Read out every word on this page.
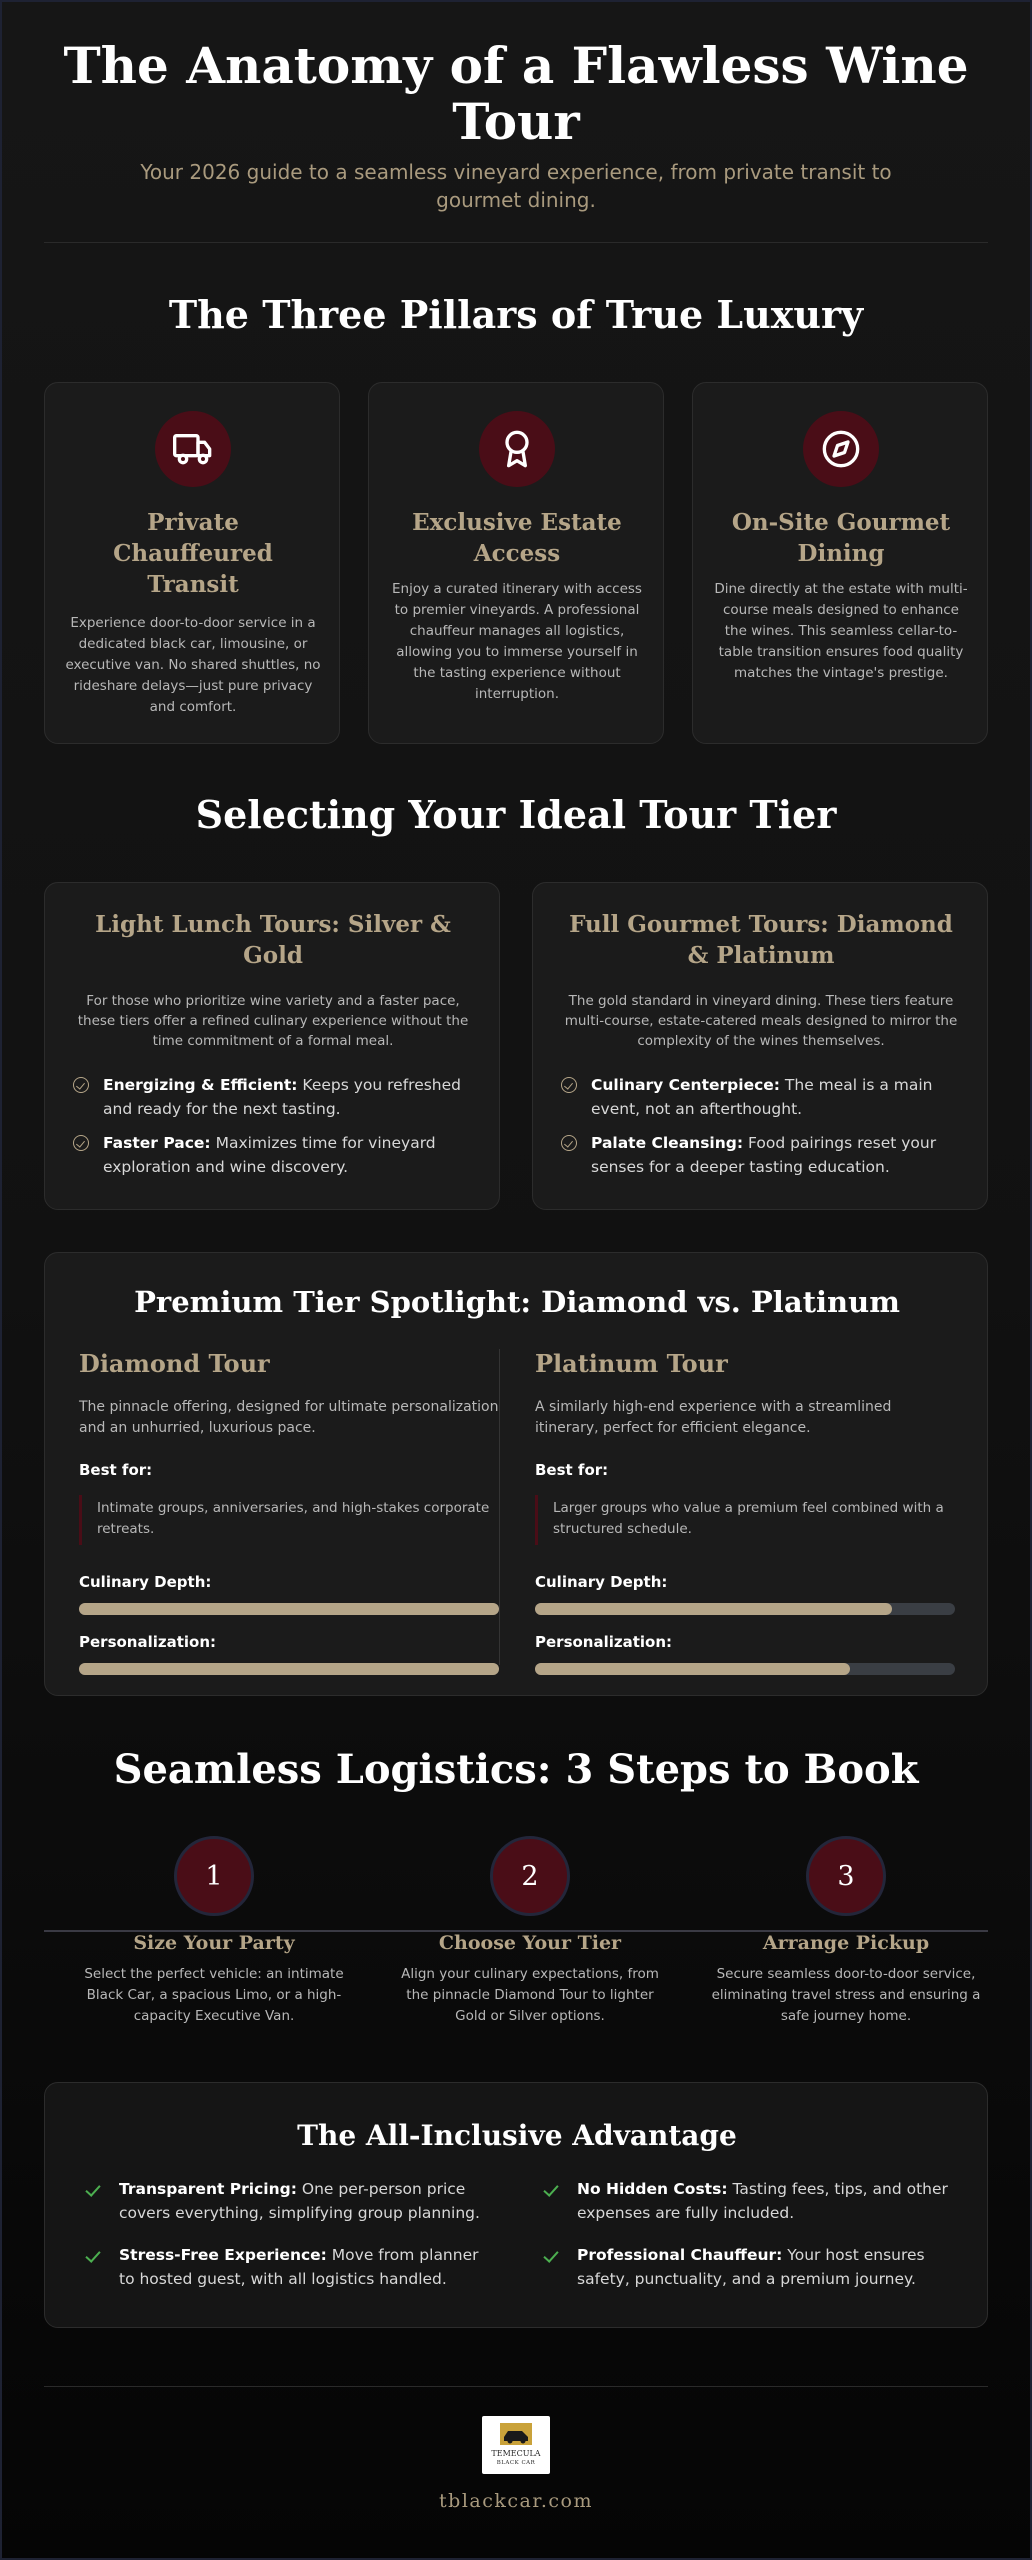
The Anatomy of a Flawless Wine Tour

Your 2026 guide to a seamless vineyard experience, from private transit to gourmet dining.

The Three Pillars of True Luxury
Private Chauffeured Transit

Experience door-to-door service in a dedicated black car, limousine, or executive van. No shared shuttles, no rideshare delays—just pure privacy and comfort.

Exclusive Estate Access

Enjoy a curated itinerary with access to premier vineyards. A professional chauffeur manages all logistics, allowing you to immerse yourself in the tasting experience without interruption.

On-Site Gourmet Dining

Dine directly at the estate with multi-course meals designed to enhance the wines. This seamless cellar-to-table transition ensures food quality matches the vintage's prestige.

Selecting Your Ideal Tour Tier
Light Lunch Tours: Silver & Gold

For those who prioritize wine variety and a faster pace, these tiers offer a refined culinary experience without the time commitment of a formal meal.

Energizing & Efficient: Keeps you refreshed and ready for the next tasting.
Faster Pace: Maximizes time for vineyard exploration and wine discovery.
Full Gourmet Tours: Diamond & Platinum

The gold standard in vineyard dining. These tiers feature multi-course, estate-catered meals designed to mirror the complexity of the wines themselves.

Culinary Centerpiece: The meal is a main event, not an afterthought.
Palate Cleansing: Food pairings reset your senses for a deeper tasting education.
Premium Tier Spotlight: Diamond vs. Platinum
Diamond Tour

The pinnacle offering, designed for ultimate personalization and an unhurried, luxurious pace.

Best for:
Intimate groups, anniversaries, and high-stakes corporate retreats.
Culinary Depth:
Personalization:
Platinum Tour

A similarly high-end experience with a streamlined itinerary, perfect for efficient elegance.

Best for:
Larger groups who value a premium feel combined with a structured schedule.
Culinary Depth:
Personalization:
Seamless Logistics: 3 Steps to Book
1
Size Your Party

Select the perfect vehicle: an intimate Black Car, a spacious Limo, or a high-capacity Executive Van.

2
Choose Your Tier

Align your culinary expectations, from the pinnacle Diamond Tour to lighter Gold or Silver options.

3
Arrange Pickup

Secure seamless door-to-door service, eliminating travel stress and ensuring a safe journey home.

The All-Inclusive Advantage
Transparent Pricing: One per-person price covers everything, simplifying group planning.
No Hidden Costs: Tasting fees, tips, and other expenses are fully included.
Stress-Free Experience: Move from planner to hosted guest, with all logistics handled.
Professional Chauffeur: Your host ensures safety, punctuality, and a premium journey.
TEMECULA
BLACK CAR
tblackcar.com
